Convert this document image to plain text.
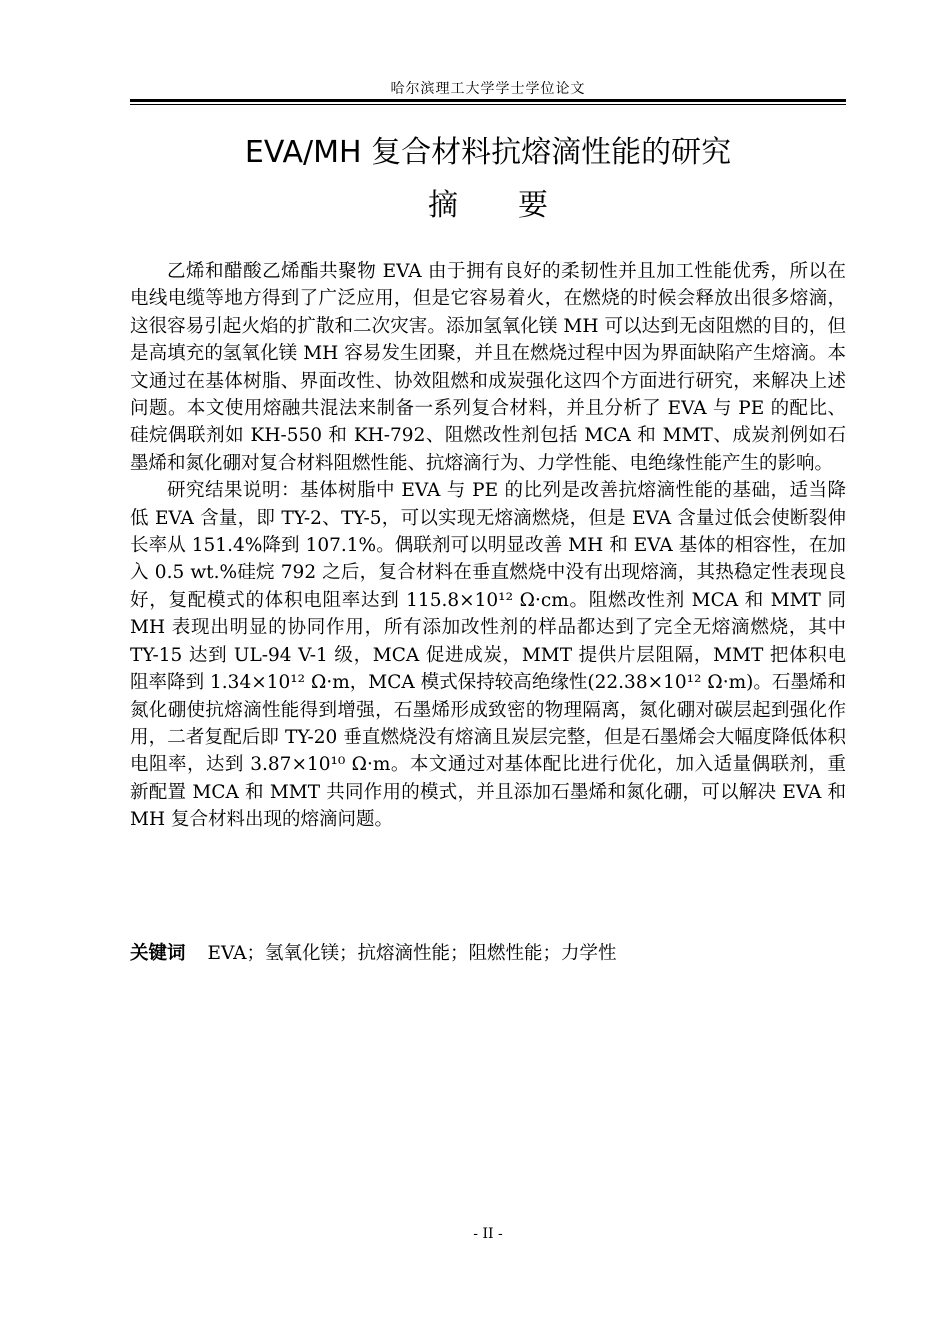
哈尔滨理工大学学士学位论文
EVA/MH 复合材料抗熔滴性能的研究
摘　　要

乙烯和醋酸乙烯酯共聚物 EVA 由于拥有良好的柔韧性并且加工性能优秀，所以在电线电缆等地方得到了广泛应用，但是它容易着火，在燃烧的时候会释放出很多熔滴，这很容易引起火焰的扩散和二次灾害。添加氢氧化镁 MH 可以达到无卤阻燃的目的，但是高填充的氢氧化镁 MH 容易发生团聚，并且在燃烧过程中因为界面缺陷产生熔滴。本文通过在基体树脂、界面改性、协效阻燃和成炭强化这四个方面进行研究，来解决上述问题。本文使用熔融共混法来制备一系列复合材料，并且分析了 EVA 与 PE 的配比、硅烷偶联剂如 KH-550 和 KH-792、阻燃改性剂包括 MCA 和 MMT、成炭剂例如石墨烯和氮化硼对复合材料阻燃性能、抗熔滴行为、力学性能、电绝缘性能产生的影响。

研究结果说明：基体树脂中 EVA 与 PE 的比列是改善抗熔滴性能的基础，适当降低 EVA 含量，即 TY-2、TY-5，可以实现无熔滴燃烧，但是 EVA 含量过低会使断裂伸长率从 151.4%降到 107.1%。偶联剂可以明显改善 MH 和 EVA 基体的相容性，在加入 0.5 wt.%硅烷 792 之后，复合材料在垂直燃烧中没有出现熔滴，其热稳定性表现良好，复配模式的体积电阻率达到 115.8×10¹² Ω·cm。阻燃改性剂 MCA 和 MMT 同 MH 表现出明显的协同作用，所有添加改性剂的样品都达到了完全无熔滴燃烧，其中 TY-15 达到 UL-94 V-1 级，MCA 促进成炭，MMT 提供片层阻隔，MMT 把体积电阻率降到 1.34×10¹² Ω·m，MCA 模式保持较高绝缘性(22.38×10¹² Ω·m)。石墨烯和氮化硼使抗熔滴性能得到增强，石墨烯形成致密的物理隔离，氮化硼对碳层起到强化作用，二者复配后即 TY-20 垂直燃烧没有熔滴且炭层完整，但是石墨烯会大幅度降低体积电阻率，达到 3.87×10¹⁰ Ω·m。本文通过对基体配比进行优化，加入适量偶联剂，重新配置 MCA 和 MMT 共同作用的模式，并且添加石墨烯和氮化硼，可以解决 EVA 和 MH 复合材料出现的熔滴问题。

关键词 EVA；氢氧化镁；抗熔滴性能；阻燃性能；力学性
- II -
